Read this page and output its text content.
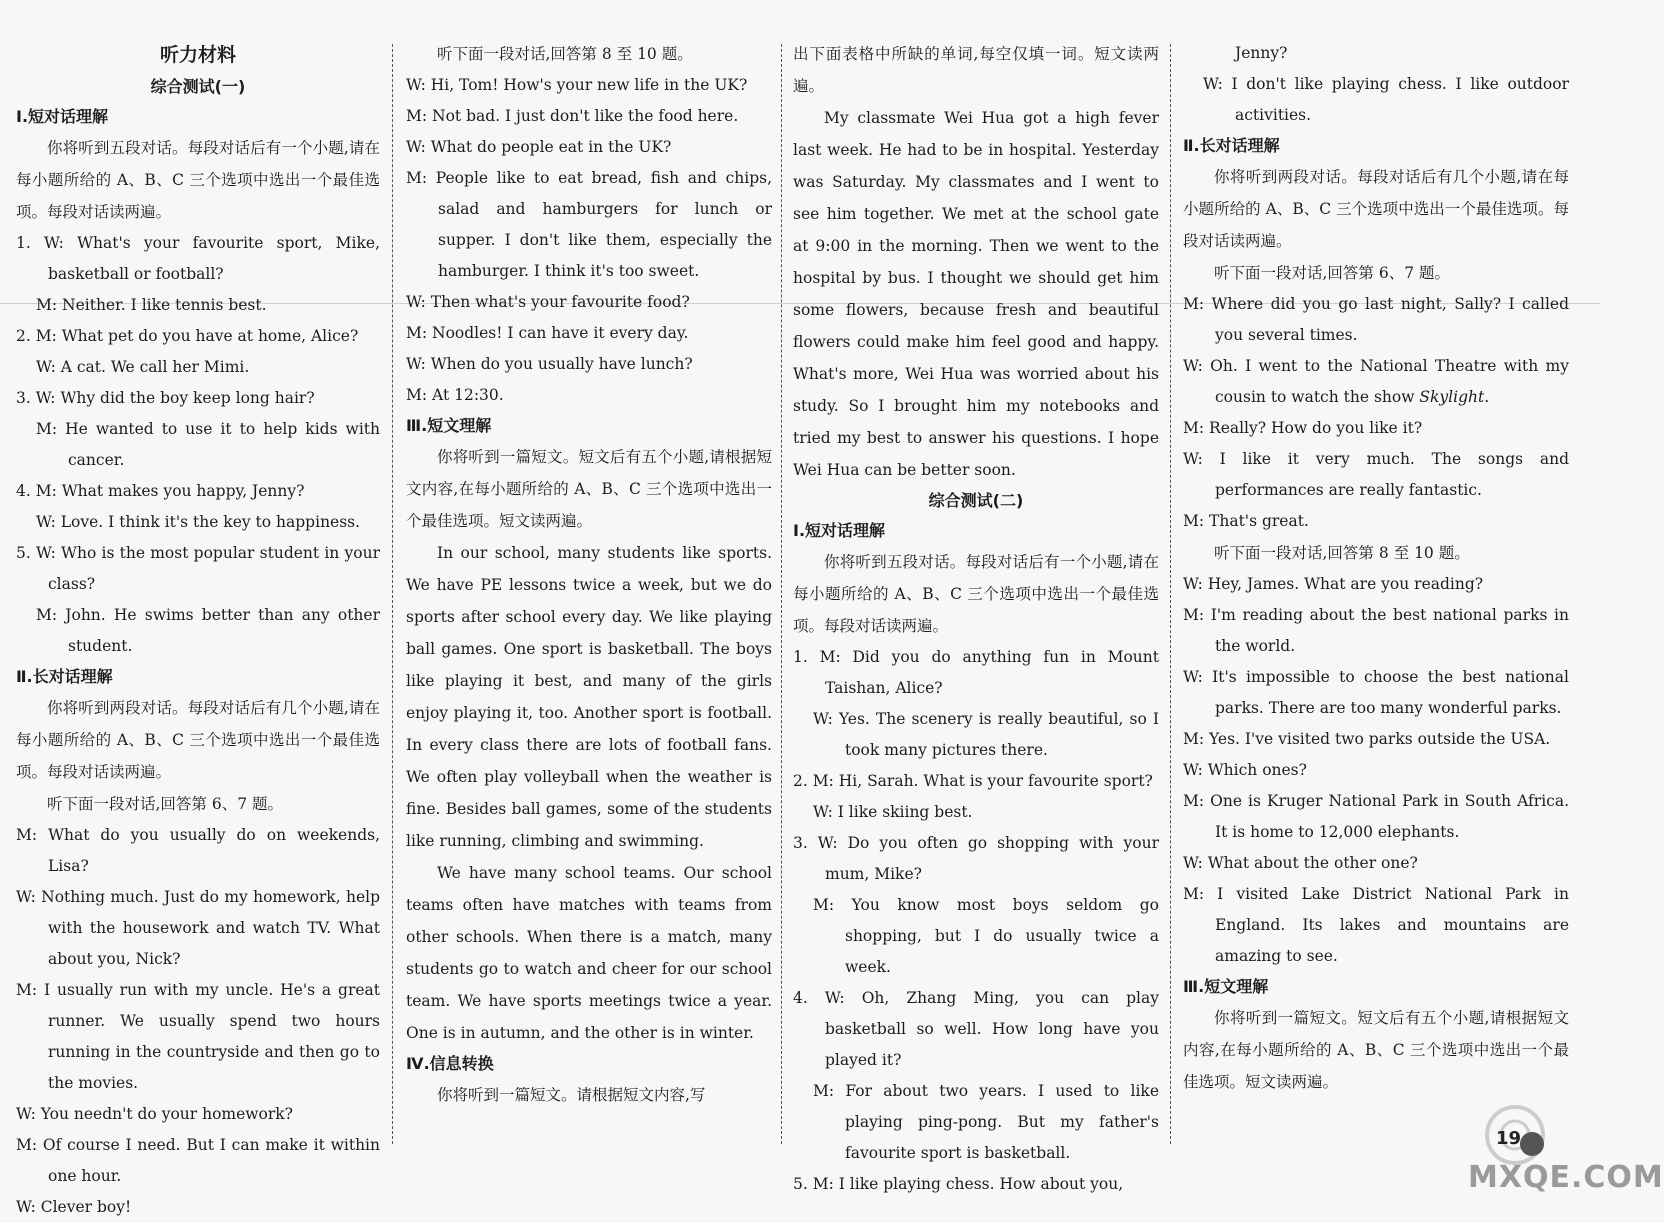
听力材料
综合测试(一)
Ⅰ.短对话理解

你将听到五段对话。每段对话后有一个小题,请在每小题所给的 A、B、C 三个选项中选出一个最佳选项。每段对话读两遍。

1. W: What's your favourite sport, Mike, basketball or football?
M: Neither. I like tennis best.
2. M: What pet do you have at home, Alice?
W: A cat. We call her Mimi.
3. W: Why did the boy keep long hair?
M: He wanted to use it to help kids with cancer.
4. M: What makes you happy, Jenny?
W: Love. I think it's the key to happiness.
5. W: Who is the most popular student in your class?
M: John. He swims better than any other student.
Ⅱ.长对话理解

你将听到两段对话。每段对话后有几个小题,请在每小题所给的 A、B、C 三个选项中选出一个最佳选项。每段对话读两遍。

听下面一段对话,回答第 6、7 题。

M: What do you usually do on weekends, Lisa?
W: Nothing much. Just do my homework, help with the housework and watch TV. What about you, Nick?
M: I usually run with my uncle. He's a great runner. We usually spend two hours running in the countryside and then go to the movies.
W: You needn't do your homework?
M: Of course I need. But I can make it within one hour.
W: Clever boy!

听下面一段对话,回答第 8 至 10 题。

W: Hi, Tom! How's your new life in the UK?
M: Not bad. I just don't like the food here.
W: What do people eat in the UK?
M: People like to eat bread, fish and chips, salad and hamburgers for lunch or supper. I don't like them, especially the hamburger. I think it's too sweet.
W: Then what's your favourite food?
M: Noodles! I can have it every day.
W: When do you usually have lunch?
M: At 12:30.
Ⅲ.短文理解

你将听到一篇短文。短文后有五个小题,请根据短文内容,在每小题所给的 A、B、C 三个选项中选出一个最佳选项。短文读两遍。

In our school, many students like sports. We have PE lessons twice a week, but we do sports after school every day. We like playing ball games. One sport is basketball. The boys like playing it best, and many of the girls enjoy playing it, too. Another sport is football. In every class there are lots of football fans. We often play volleyball when the weather is fine. Besides ball games, some of the students like running, climbing and swimming.

We have many school teams. Our school teams often have matches with teams from other schools. When there is a match, many students go to watch and cheer for our school team. We have sports meetings twice a year. One is in autumn, and the other is in winter.

Ⅳ.信息转换

你将听到一篇短文。请根据短文内容,写

出下面表格中所缺的单词,每空仅填一词。短文读两遍。

My classmate Wei Hua got a high fever last week. He had to be in hospital. Yesterday was Saturday. My classmates and I went to see him together. We met at the school gate at 9:00 in the morning. Then we went to the hospital by bus. I thought we should get him some flowers, because fresh and beautiful flowers could make him feel good and happy. What's more, Wei Hua was worried about his study. So I brought him my notebooks and tried my best to answer his questions. I hope Wei Hua can be better soon.

综合测试(二)
Ⅰ.短对话理解

你将听到五段对话。每段对话后有一个小题,请在每小题所给的 A、B、C 三个选项中选出一个最佳选项。每段对话读两遍。

1. M: Did you do anything fun in Mount Taishan, Alice?
W: Yes. The scenery is really beautiful, so I took many pictures there.
2. M: Hi, Sarah. What is your favourite sport?
W: I like skiing best.
3. W: Do you often go shopping with your mum, Mike?
M: You know most boys seldom go shopping, but I do usually twice a week.
4. W: Oh, Zhang Ming, you can play basketball so well. How long have you played it?
M: For about two years. I used to like playing ping-pong. But my father's favourite sport is basketball.
5. M: I like playing chess. How about you,
Jenny?
W: I don't like playing chess. I like outdoor activities.
Ⅱ.长对话理解

你将听到两段对话。每段对话后有几个小题,请在每小题所给的 A、B、C 三个选项中选出一个最佳选项。每段对话读两遍。

听下面一段对话,回答第 6、7 题。

M: Where did you go last night, Sally? I called you several times.
W: Oh. I went to the National Theatre with my cousin to watch the show Skylight.
M: Really? How do you like it?
W: I like it very much. The songs and performances are really fantastic.
M: That's great.

听下面一段对话,回答第 8 至 10 题。

W: Hey, James. What are you reading?
M: I'm reading about the best national parks in the world.
W: It's impossible to choose the best national parks. There are too many wonderful parks.
M: Yes. I've visited two parks outside the USA.
W: Which ones?
M: One is Kruger National Park in South Africa. It is home to 12,000 elephants.
W: What about the other one?
M: I visited Lake District National Park in England. Its lakes and mountains are amazing to see.
Ⅲ.短文理解

你将听到一篇短文。短文后有五个小题,请根据短文内容,在每小题所给的 A、B、C 三个选项中选出一个最佳选项。短文读两遍。

MXQE.COM
19
